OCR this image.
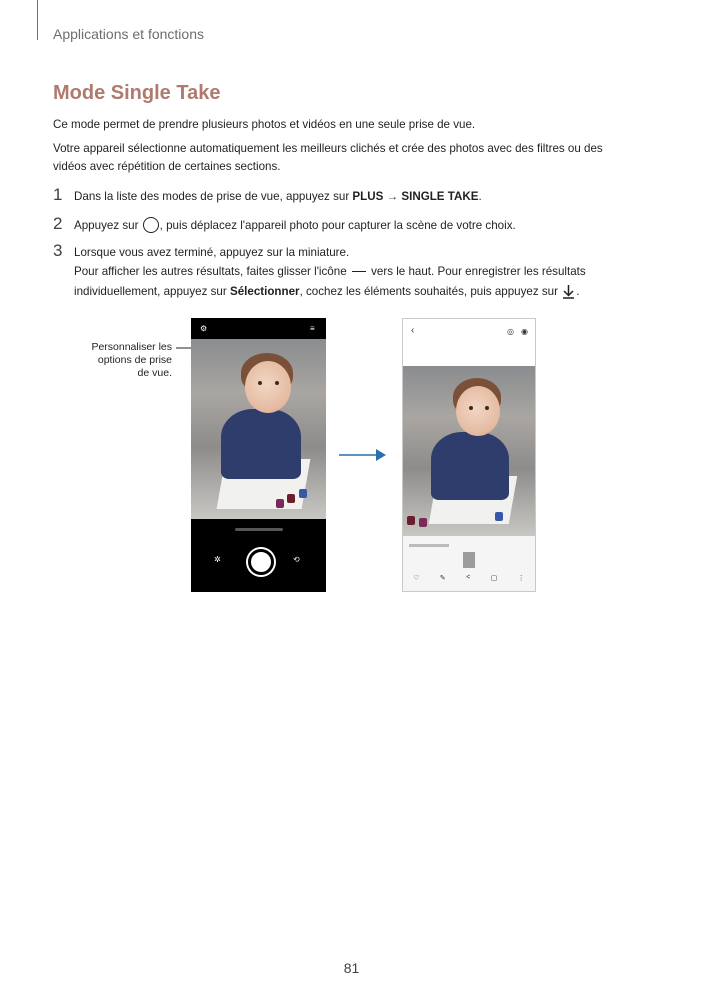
Applications et fonctions
Mode Single Take
Ce mode permet de prendre plusieurs photos et vidéos en une seule prise de vue.
Votre appareil sélectionne automatiquement les meilleurs clichés et crée des photos avec des filtres ou des
vidéos avec répétition de certaines sections.
1 Dans la liste des modes de prise de vue, appuyez sur PLUS → SINGLE TAKE.
2 Appuyez sur , puis déplacez l'appareil photo pour capturer la scène de votre choix.
3 Lorsque vous avez terminé, appuyez sur la miniature.
Pour afficher les autres résultats, faites glisser l'icône  vers le haut. Pour enregistrer les résultats
individuellement, appuyez sur Sélectionner, cochez les éléments souhaités, puis appuyez sur .
Personnaliser les
options de prise
de vue.
⚙	≡
✲	⟲
‹	◎ ◉
♡	✎	<	▢	⋮
81
